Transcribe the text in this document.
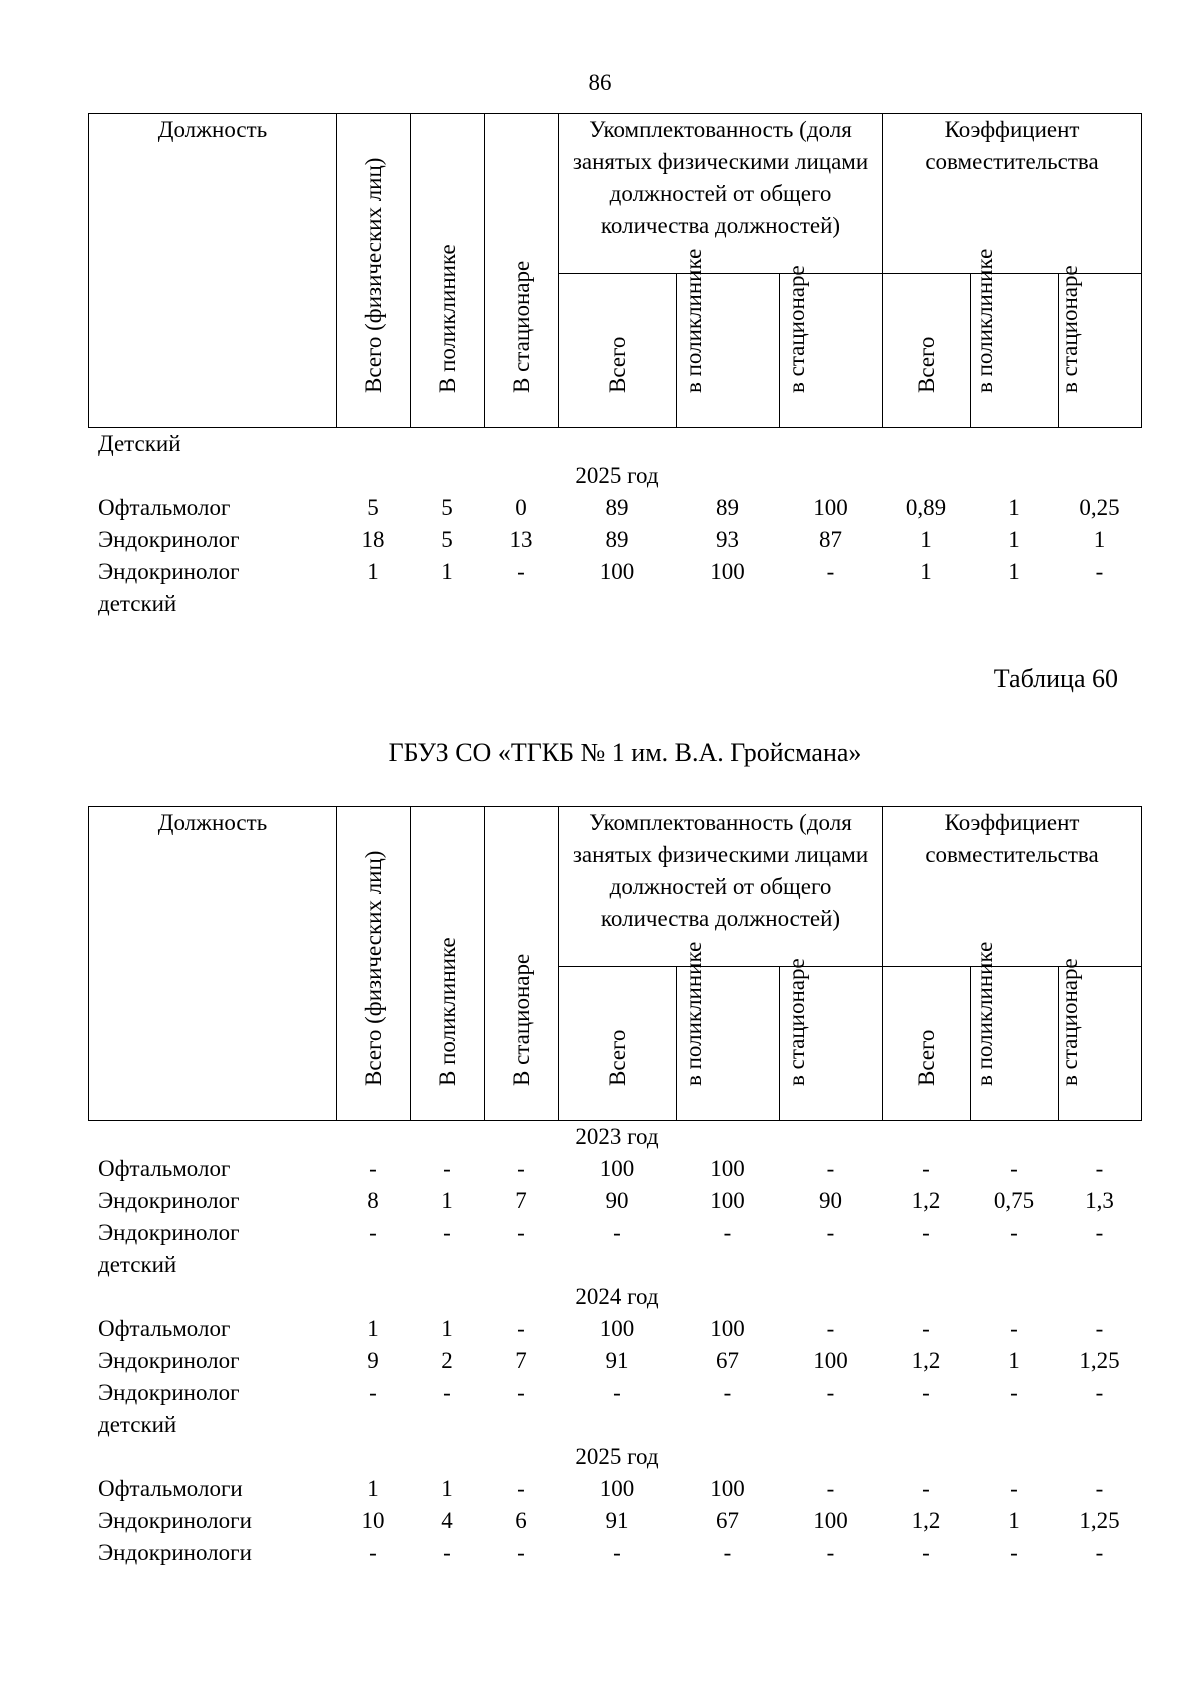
86
Должность	Всего (физических лиц)	В поликлинике	В стационаре	Укомплектованность (доля занятых физическими лицами должностей от общего количества должностей)			Коэффициент совместительства		

				Всего	в поликлинике	в стационаре	Всего	в поликлинике	в стационаре
Детский									
				2025 год					
Офтальмолог	5	5	0	89	89	100	0,89	1	0,25
Эндокринолог	18	5	13	89	93	87	1	1	1
Эндокринолог	1	1	-	100	100	-	1	1	-
детский									
Таблица 60
ГБУЗ СО «ТГКБ № 1 им. В.А. Гройсмана»
Должность	Всего (физических лиц)	В поликлинике	В стационаре	Укомплектованность (доля занятых физическими лицами должностей от общего количества должностей)			Коэффициент совместительства		

				Всего	в поликлинике	в стационаре	Всего	в поликлинике	в стационаре
				2023 год					
Офтальмолог	-	-	-	100	100	-	-	-	-
Эндокринолог	8	1	7	90	100	90	1,2	0,75	1,3
Эндокринолог	-	-	-	-	-	-	-	-	-
детский									
				2024 год					
Офтальмолог	1	1	-	100	100	-	-	-	-
Эндокринолог	9	2	7	91	67	100	1,2	1	1,25
Эндокринолог	-	-	-	-	-	-	-	-	-
детский									
				2025 год					
Офтальмологи	1	1	-	100	100	-	-	-	-
Эндокринологи	10	4	6	91	67	100	1,2	1	1,25
Эндокринологи	-	-	-	-	-	-	-	-	-
